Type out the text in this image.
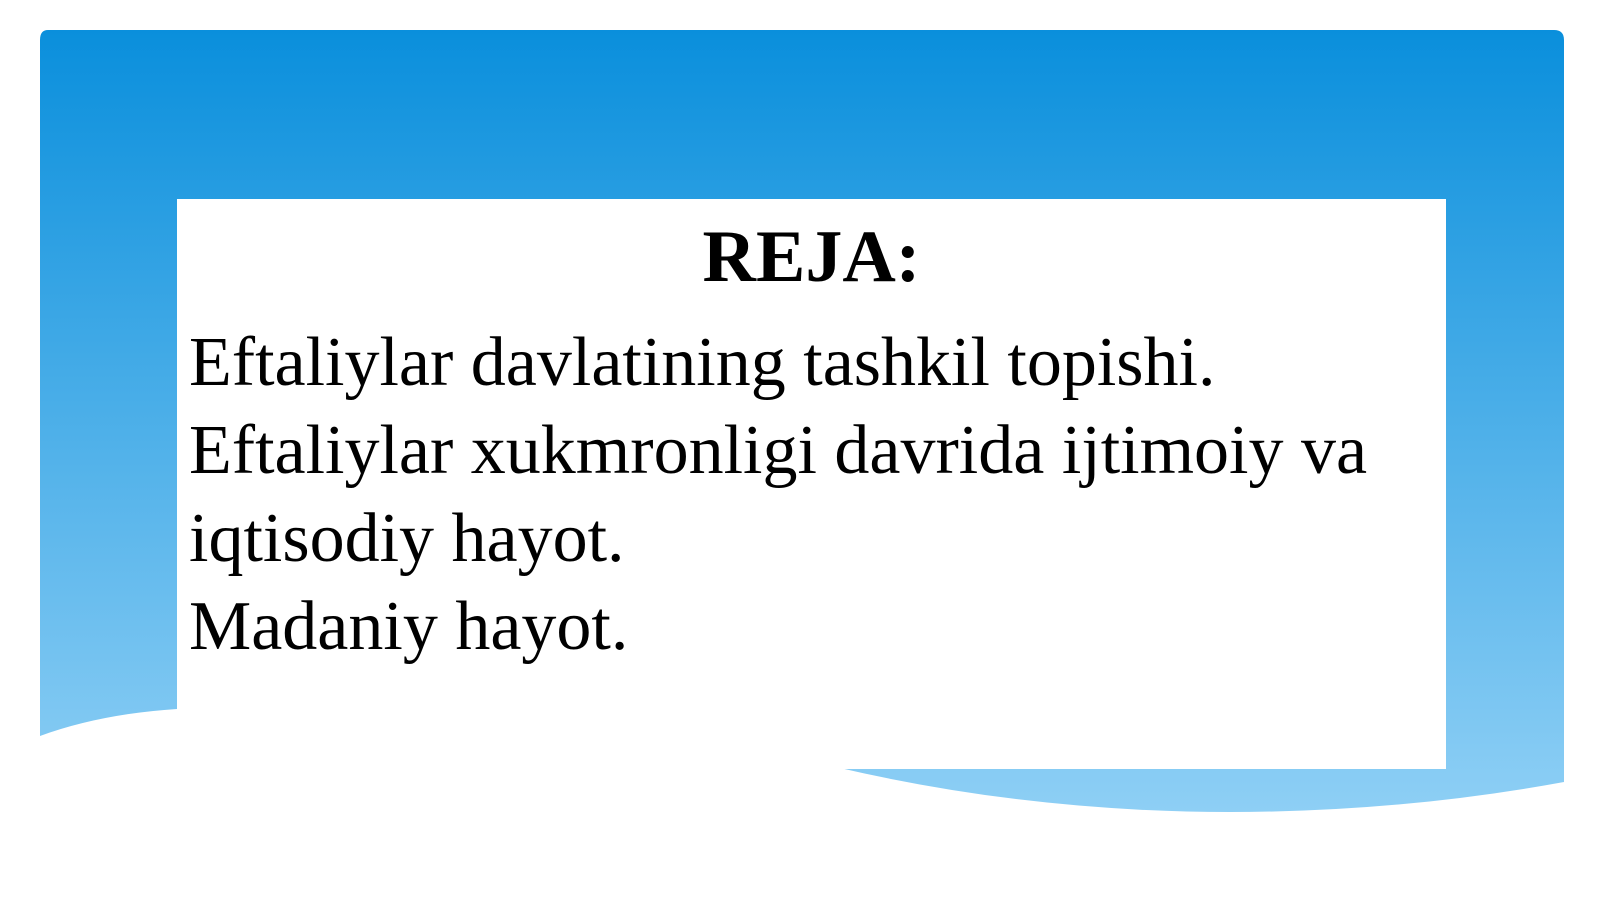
REJA:
Eftaliylar davlatining tashkil topishi.
Eftaliylar xukmronligi davrida ijtimoiy va iqtisodiy hayot.
Madaniy hayot.
